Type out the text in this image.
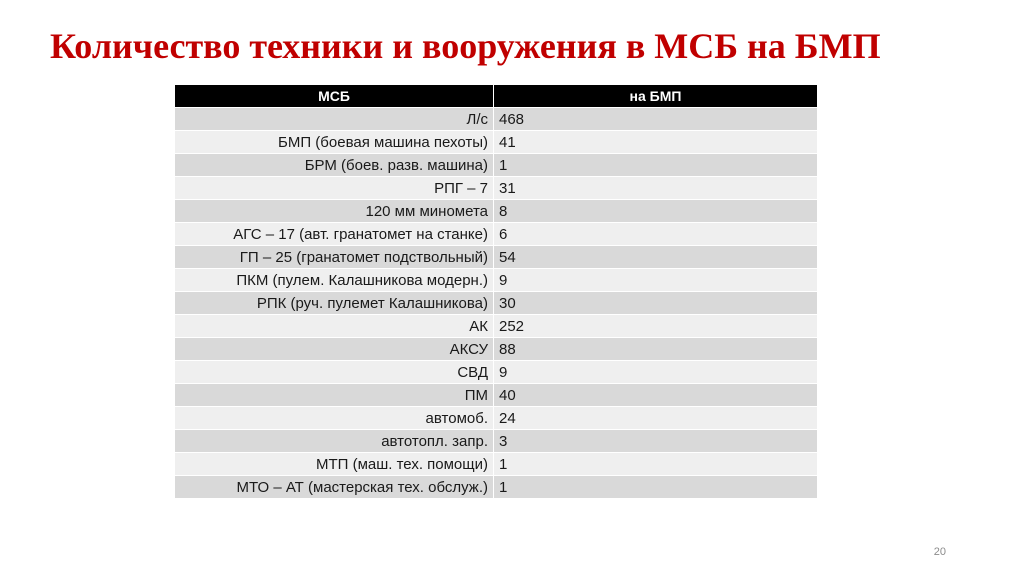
Количество техники и вооружения в МСБ на БМП
МСБ	на БМП
Л/с	468
БМП (боевая машина пехоты)	41
БРМ (боев. разв. машина)	1
РПГ – 7	31
120 мм миномета	8
АГС – 17 (авт. гранатомет на станке)	6
ГП – 25 (гранатомет подствольный)	54
ПКМ (пулем. Калашникова модерн.)	9
РПК (руч. пулемет Калашникова)	30
АК	252
АКСУ	88
СВД	9
ПМ	40
автомоб.	24
автотопл. запр.	3
МТП (маш. тех. помощи)	1
МТО – АТ (мастерская тех. обслуж.)	1
20
